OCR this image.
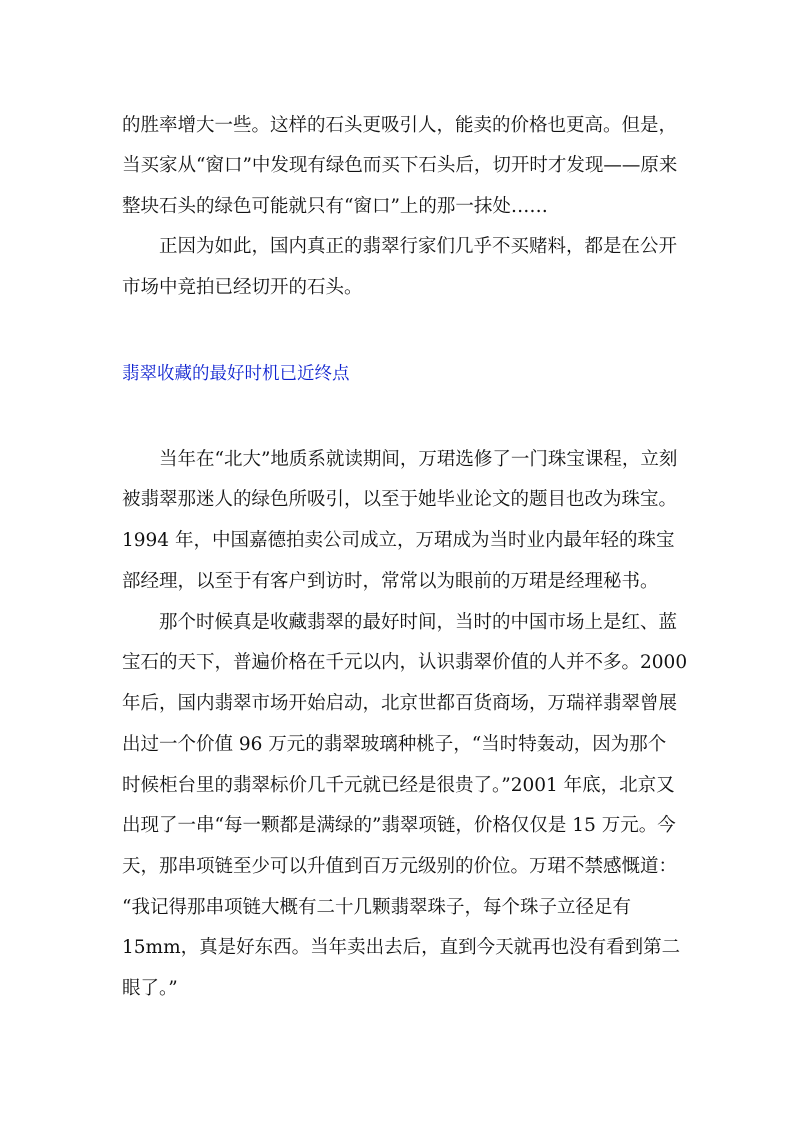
的胜率增大一些。这样的石头更吸引人，能卖的价格也更高。但是，
当买家从“窗口”中发现有绿色而买下石头后，切开时才发现——原来
整块石头的绿色可能就只有“窗口”上的那一抹处……
正因为如此，国内真正的翡翠行家们几乎不买赌料，都是在公开
市场中竞拍已经切开的石头。
翡翠收藏的最好时机已近终点
当年在“北大”地质系就读期间，万珺选修了一门珠宝课程，立刻
被翡翠那迷人的绿色所吸引，以至于她毕业论文的题目也改为珠宝。
1994 年，中国嘉德拍卖公司成立，万珺成为当时业内最年轻的珠宝
部经理，以至于有客户到访时，常常以为眼前的万珺是经理秘书。
那个时候真是收藏翡翠的最好时间，当时的中国市场上是红、蓝
宝石的天下，普遍价格在千元以内，认识翡翠价值的人并不多。2000
年后，国内翡翠市场开始启动，北京世都百货商场，万瑞祥翡翠曾展
出过一个价值 96 万元的翡翠玻璃种桃子，“当时特轰动，因为那个
时候柜台里的翡翠标价几千元就已经是很贵了。”2001 年底，北京又
出现了一串“每一颗都是满绿的”翡翠项链，价格仅仅是 15 万元。今
天，那串项链至少可以升值到百万元级别的价位。万珺不禁感慨道：
“我记得那串项链大概有二十几颗翡翠珠子，每个珠子立径足有
15mm，真是好东西。当年卖出去后，直到今天就再也没有看到第二
眼了。”
